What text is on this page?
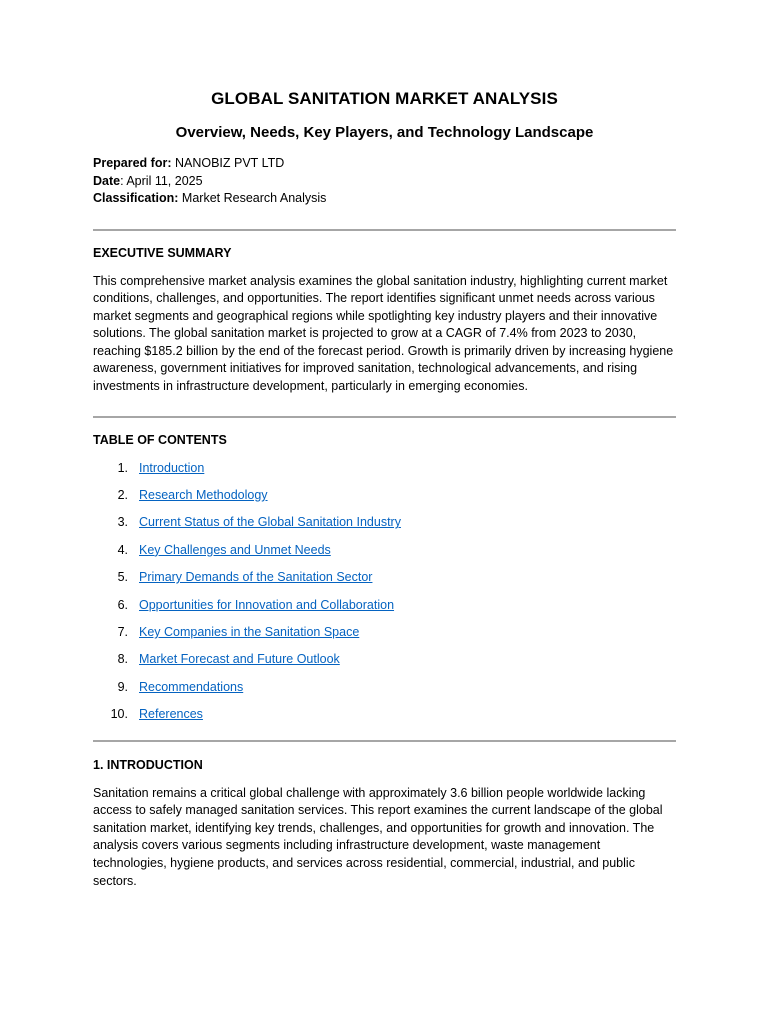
GLOBAL SANITATION MARKET ANALYSIS
Overview, Needs, Key Players, and Technology Landscape
Prepared for: NANOBIZ PVT LTD
Date: April 11, 2025
Classification: Market Research Analysis
EXECUTIVE SUMMARY

This comprehensive market analysis examines the global sanitation industry, highlighting current market conditions, challenges, and opportunities. The report identifies significant unmet needs across various market segments and geographical regions while spotlighting key industry players and their innovative solutions. The global sanitation market is projected to grow at a CAGR of 7.4% from 2023 to 2030, reaching $185.2 billion by the end of the forecast period. Growth is primarily driven by increasing hygiene awareness, government initiatives for improved sanitation, technological advancements, and rising investments in infrastructure development, particularly in emerging economies.

TABLE OF CONTENTS
1. Introduction
2. Research Methodology
3. Current Status of the Global Sanitation Industry
4. Key Challenges and Unmet Needs
5. Primary Demands of the Sanitation Sector
6. Opportunities for Innovation and Collaboration
7. Key Companies in the Sanitation Space
8. Market Forecast and Future Outlook
9. Recommendations
10. References
1. INTRODUCTION

Sanitation remains a critical global challenge with approximately 3.6 billion people worldwide lacking access to safely managed sanitation services. This report examines the current landscape of the global sanitation market, identifying key trends, challenges, and opportunities for growth and innovation. The analysis covers various segments including infrastructure development, waste management technologies, hygiene products, and services across residential, commercial, industrial, and public sectors.
